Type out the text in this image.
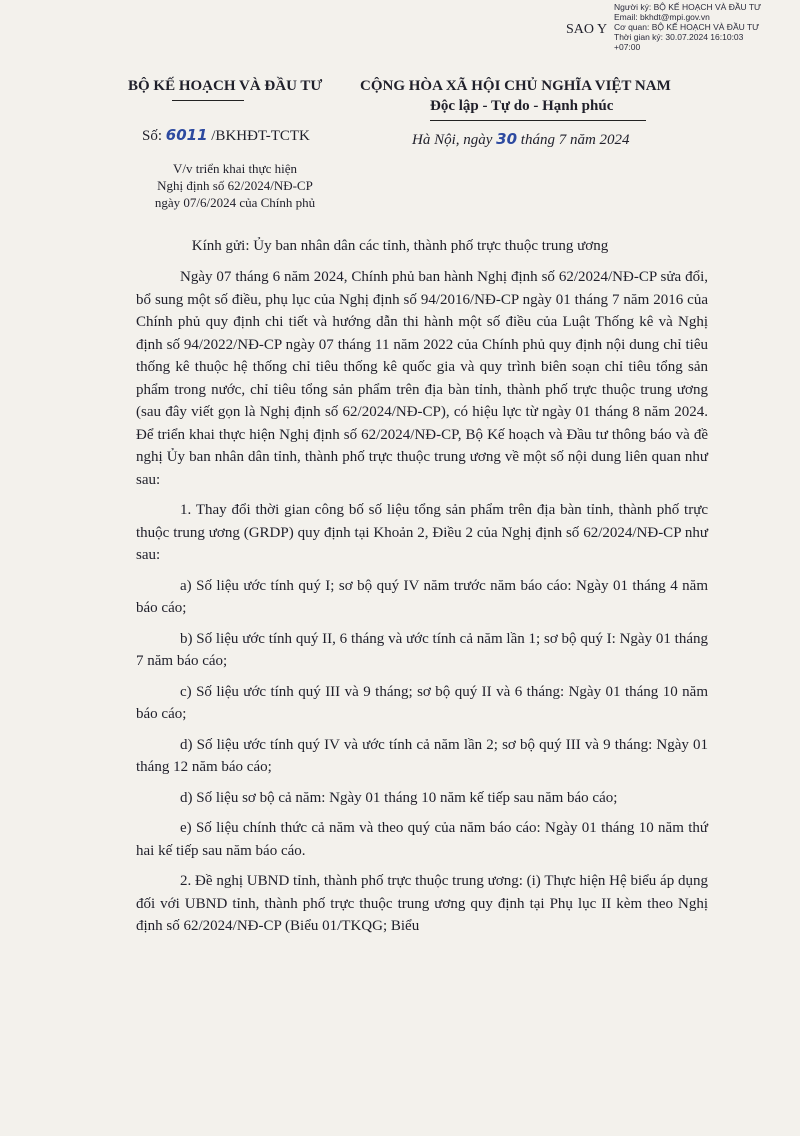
SAO Y
Người ký: BỘ KẾ HOẠCH VÀ ĐẦU TƯ
Email: bkhdt@mpi.gov.vn
Cơ quan: BỘ KẾ HOẠCH VÀ ĐẦU TƯ
Thời gian ký: 30.07.2024 16:10:03
+07:00
BỘ KẾ HOẠCH VÀ ĐẦU TƯ	CỘNG HÒA XÃ HỘI CHỦ NGHĨA VIỆT NAM
Độc lập - Tự do - Hạnh phúc
Số: 6011 /BKHĐT-TCTK	Hà Nội, ngày 30 tháng 7 năm 2024
V/v triển khai thực hiện
Nghị định số 62/2024/NĐ-CP
ngày 07/6/2024 của Chính phủ
Kính gửi: Ủy ban nhân dân các tỉnh, thành phố trực thuộc trung ương

Ngày 07 tháng 6 năm 2024, Chính phủ ban hành Nghị định số 62/2024/NĐ-CP sửa đổi, bổ sung một số điều, phụ lục của Nghị định số 94/2016/NĐ-CP ngày 01 tháng 7 năm 2016 của Chính phủ quy định chi tiết và hướng dẫn thi hành một số điều của Luật Thống kê và Nghị định số 94/2022/NĐ-CP ngày 07 tháng 11 năm 2022 của Chính phủ quy định nội dung chỉ tiêu thống kê thuộc hệ thống chỉ tiêu thống kê quốc gia và quy trình biên soạn chỉ tiêu tổng sản phẩm trong nước, chỉ tiêu tổng sản phẩm trên địa bàn tỉnh, thành phố trực thuộc trung ương (sau đây viết gọn là Nghị định số 62/2024/NĐ-CP), có hiệu lực từ ngày 01 tháng 8 năm 2024. Để triển khai thực hiện Nghị định số 62/2024/NĐ-CP, Bộ Kế hoạch và Đầu tư thông báo và đề nghị Ủy ban nhân dân tỉnh, thành phố trực thuộc trung ương về một số nội dung liên quan như sau:

1. Thay đổi thời gian công bố số liệu tổng sản phẩm trên địa bàn tỉnh, thành phố trực thuộc trung ương (GRDP) quy định tại Khoản 2, Điều 2 của Nghị định số 62/2024/NĐ-CP như sau:

a) Số liệu ước tính quý I; sơ bộ quý IV năm trước năm báo cáo: Ngày 01 tháng 4 năm báo cáo;

b) Số liệu ước tính quý II, 6 tháng và ước tính cả năm lần 1; sơ bộ quý I: Ngày 01 tháng 7 năm báo cáo;

c) Số liệu ước tính quý III và 9 tháng; sơ bộ quý II và 6 tháng: Ngày 01 tháng 10 năm báo cáo;

d) Số liệu ước tính quý IV và ước tính cả năm lần 2; sơ bộ quý III và 9 tháng: Ngày 01 tháng 12 năm báo cáo;

d) Số liệu sơ bộ cả năm: Ngày 01 tháng 10 năm kế tiếp sau năm báo cáo;

e) Số liệu chính thức cả năm và theo quý của năm báo cáo: Ngày 01 tháng 10 năm thứ hai kế tiếp sau năm báo cáo.

2. Đề nghị UBND tỉnh, thành phố trực thuộc trung ương: (i) Thực hiện Hệ biểu áp dụng đối với UBND tỉnh, thành phố trực thuộc trung ương quy định tại Phụ lục II kèm theo Nghị định số 62/2024/NĐ-CP (Biểu 01/TKQG; Biểu
